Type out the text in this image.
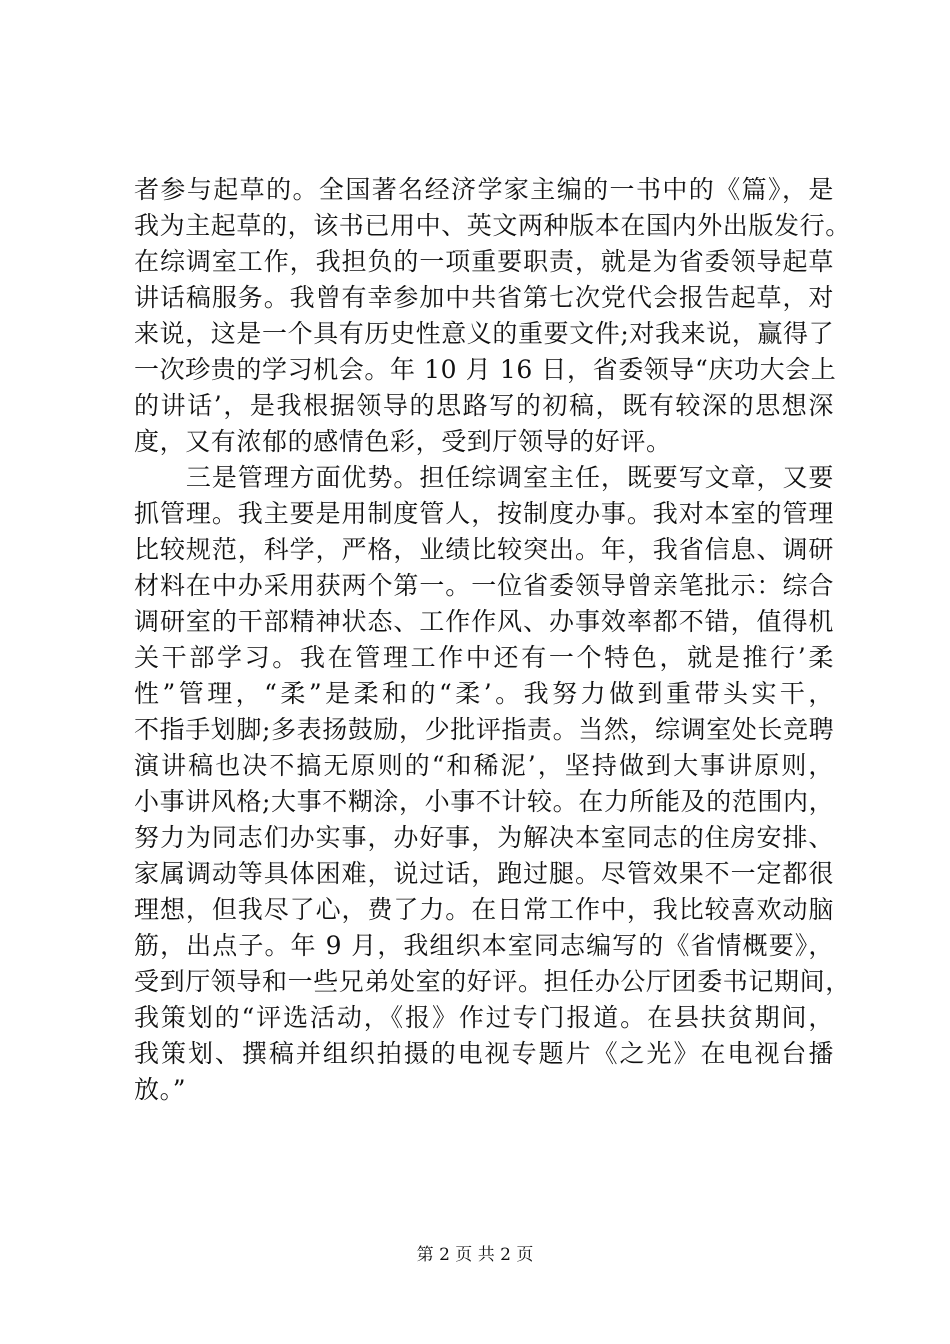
者参与起草的。全国著名经济学家主编的一书中的《篇》，是
我为主起草的，该书已用中、英文两种版本在国内外出版发行。
在综调室工作，我担负的一项重要职责，就是为省委领导起草
讲话稿服务。我曾有幸参加中共省第七次党代会报告起草，对
来说，这是一个具有历史性意义的重要文件;对我来说，赢得了
一次珍贵的学习机会。年 10 月 16 日，省委领导“庆功大会上
的讲话’，是我根据领导的思路写的初稿，既有较深的思想深
度，又有浓郁的感情色彩，受到厅领导的好评。
　　三是管理方面优势。担任综调室主任，既要写文章，又要
抓管理。我主要是用制度管人，按制度办事。我对本室的管理
比较规范，科学，严格，业绩比较突出。年，我省信息、调研
材料在中办采用获两个第一。一位省委领导曾亲笔批示：综合
调研室的干部精神状态、工作作风、办事效率都不错，值得机
关干部学习。我在管理工作中还有一个特色，就是推行’柔
性”管理，“柔”是柔和的“柔’。我努力做到重带头实干，
不指手划脚;多表扬鼓励，少批评指责。当然，综调室处长竞聘
演讲稿也决不搞无原则的“和稀泥’，坚持做到大事讲原则，
小事讲风格;大事不糊涂，小事不计较。在力所能及的范围内，
努力为同志们办实事，办好事，为解决本室同志的住房安排、
家属调动等具体困难，说过话，跑过腿。尽管效果不一定都很
理想，但我尽了心，费了力。在日常工作中，我比较喜欢动脑
筋，出点子。年 9 月，我组织本室同志编写的《省情概要》，
受到厅领导和一些兄弟处室的好评。担任办公厅团委书记期间，
我策划的“评选活动，《报》作过专门报道。在县扶贫期间，
我策划、撰稿并组织拍摄的电视专题片《之光》在电视台播
放。”
第 2 页 共 2 页
